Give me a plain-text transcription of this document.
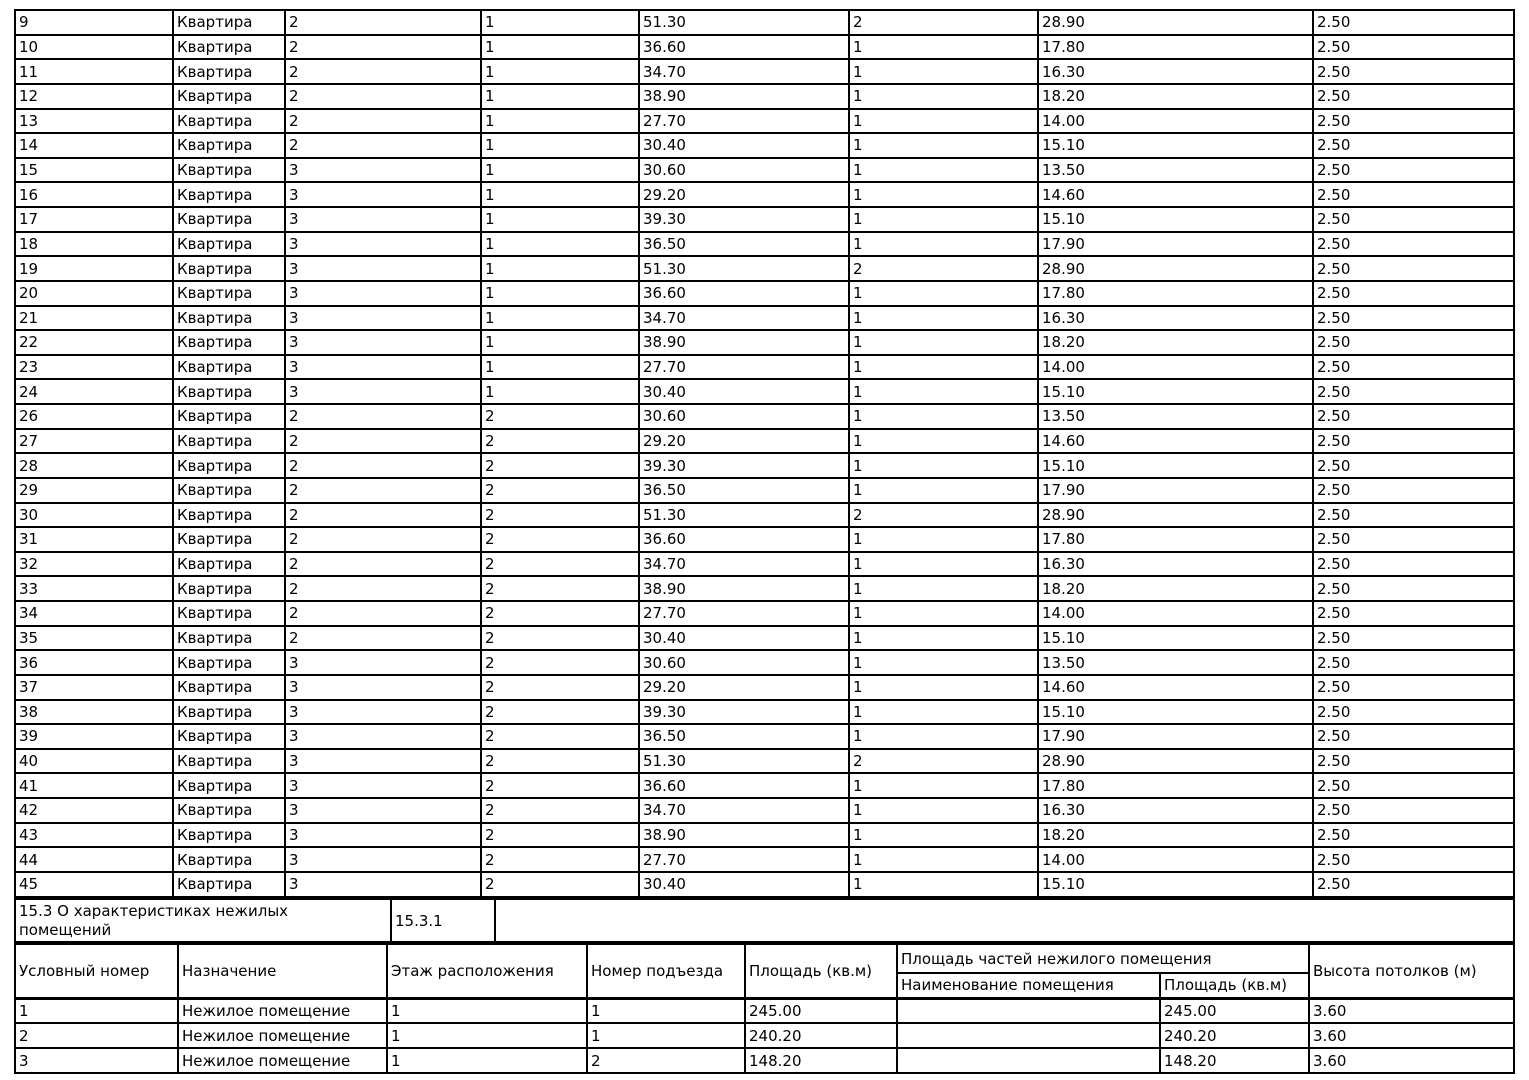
9	Квартира	2	1	51.30	2	28.90	2.50
10	Квартира	2	1	36.60	1	17.80	2.50
11	Квартира	2	1	34.70	1	16.30	2.50
12	Квартира	2	1	38.90	1	18.20	2.50
13	Квартира	2	1	27.70	1	14.00	2.50
14	Квартира	2	1	30.40	1	15.10	2.50
15	Квартира	3	1	30.60	1	13.50	2.50
16	Квартира	3	1	29.20	1	14.60	2.50
17	Квартира	3	1	39.30	1	15.10	2.50
18	Квартира	3	1	36.50	1	17.90	2.50
19	Квартира	3	1	51.30	2	28.90	2.50
20	Квартира	3	1	36.60	1	17.80	2.50
21	Квартира	3	1	34.70	1	16.30	2.50
22	Квартира	3	1	38.90	1	18.20	2.50
23	Квартира	3	1	27.70	1	14.00	2.50
24	Квартира	3	1	30.40	1	15.10	2.50
26	Квартира	2	2	30.60	1	13.50	2.50
27	Квартира	2	2	29.20	1	14.60	2.50
28	Квартира	2	2	39.30	1	15.10	2.50
29	Квартира	2	2	36.50	1	17.90	2.50
30	Квартира	2	2	51.30	2	28.90	2.50
31	Квартира	2	2	36.60	1	17.80	2.50
32	Квартира	2	2	34.70	1	16.30	2.50
33	Квартира	2	2	38.90	1	18.20	2.50
34	Квартира	2	2	27.70	1	14.00	2.50
35	Квартира	2	2	30.40	1	15.10	2.50
36	Квартира	3	2	30.60	1	13.50	2.50
37	Квартира	3	2	29.20	1	14.60	2.50
38	Квартира	3	2	39.30	1	15.10	2.50
39	Квартира	3	2	36.50	1	17.90	2.50
40	Квартира	3	2	51.30	2	28.90	2.50
41	Квартира	3	2	36.60	1	17.80	2.50
42	Квартира	3	2	34.70	1	16.30	2.50
43	Квартира	3	2	38.90	1	18.20	2.50
44	Квартира	3	2	27.70	1	14.00	2.50
45	Квартира	3	2	30.40	1	15.10	2.50
15.3 О характеристиках нежилых помещений	15.3.1	
Условный номер	Назначение	Этаж расположения	Номер подъезда	Площадь (кв.м)	Площадь частей нежилого помещения		Высота потолков (м)
					Наименование помещения	Площадь (кв.м)	
1	Нежилое помещение	1	1	245.00		245.00	3.60
2	Нежилое помещение	1	1	240.20		240.20	3.60
3	Нежилое помещение	1	2	148.20		148.20	3.60
